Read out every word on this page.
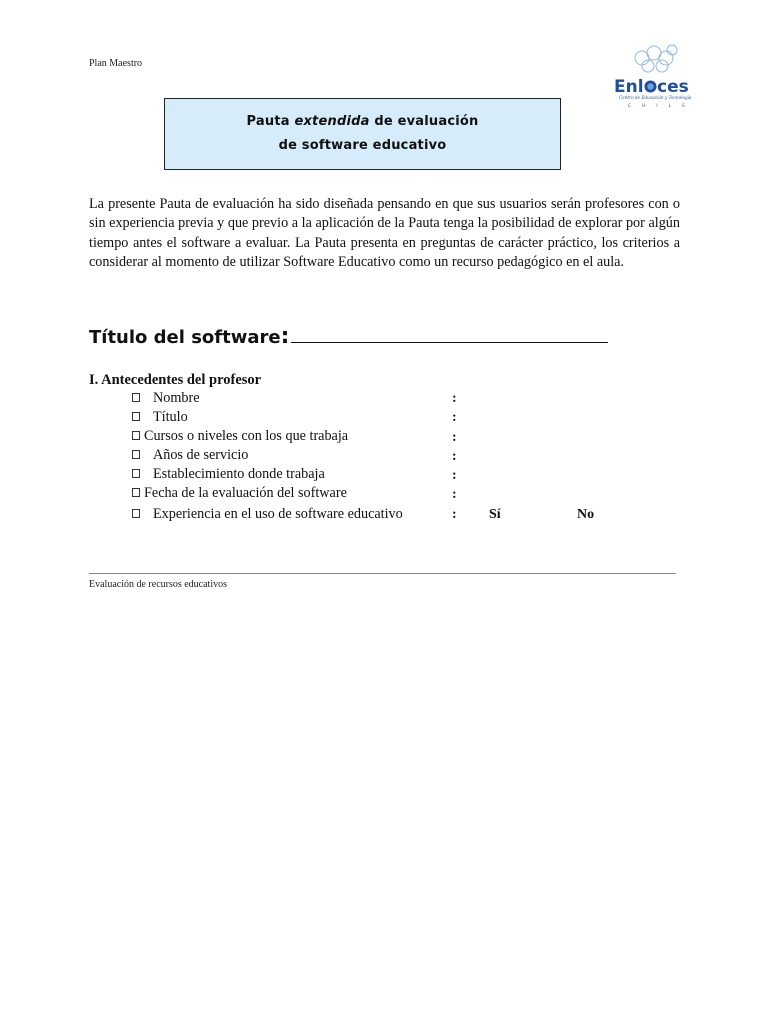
Plan Maestro
Enl ces
Centro de Educación y Tecnología
C H I L E
Pauta extendida de evaluación
de software educativo
La presente Pauta de evaluación ha sido diseñada pensando en que sus usuarios serán profesores con o sin experiencia previa y que previo a la aplicación de la Pauta tenga la posibilidad de explorar por algún tiempo antes el software a evaluar. La Pauta presenta en preguntas de carácter práctico, los criterios a considerar al momento de utilizar Software Educativo como un recurso pedagógico en el aula.
Título del software:
I. Antecedentes del profesor
Nombre	:
Título	:
Cursos o niveles con los que trabaja	:
Años de servicio	:
Establecimiento donde trabaja	:
Fecha de la evaluación del software	:
Experiencia en el uso de software educativo	: Sí	No
Evaluación de recursos educativos
